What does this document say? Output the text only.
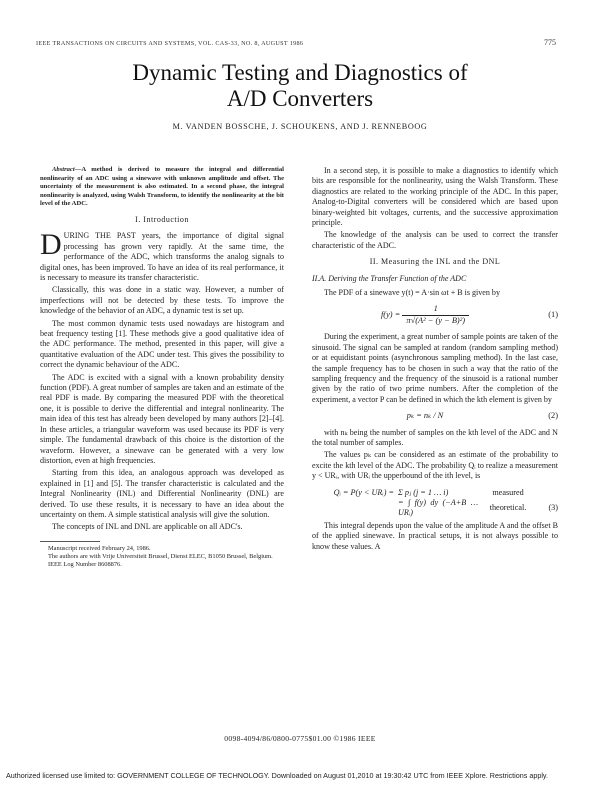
IEEE TRANSACTIONS ON CIRCUITS AND SYSTEMS, VOL. CAS-33, NO. 8, AUGUST 1986	775
Dynamic Testing and Diagnostics of
A/D Converters
M. VANDEN BOSSCHE, J. SCHOUKENS, AND J. RENNEBOOG

Abstract—A method is derived to measure the integral and differential nonlinearity of an ADC using a sinewave with unknown amplitude and offset. The uncertainty of the measurement is also estimated. In a second phase, the integral nonlinearity is analyzed, using Walsh Transform, to identify the nonlinearity at the bit level of the ADC.

I. Introduction

DURING THE PAST years, the importance of digital signal processing has grown very rapidly. At the same time, the performance of the ADC, which transforms the analog signals to digital ones, has been improved. To have an idea of its real performance, it is necessary to measure its transfer characteristic.

Classically, this was done in a static way. However, a number of imperfections will not be detected by these tests. To improve the knowledge of the behavior of an ADC, a dynamic test is set up.

The most common dynamic tests used nowadays are histogram and beat frequency testing [1]. These methods give a good qualitative idea of the ADC performance. The method, presented in this paper, will give a quantitative evaluation of the ADC under test. This gives the possibility to correct the dynamic behaviour of the ADC.

The ADC is excited with a signal with a known probability density function (PDF). A great number of samples are taken and an estimate of the real PDF is made. By comparing the measured PDF with the theoretical one, it is possible to derive the differential and integral nonlinearity. The main idea of this test has already been developed by many authors [2]–[4]. In these articles, a triangular waveform was used because its PDF is very simple. The fundamental drawback of this choice is the distortion of the waveform. However, a sinewave can be generated with a very low distortion, even at high frequencies.

Starting from this idea, an analogous approach was developed as explained in [1] and [5]. The transfer characteristic is calculated and the Integral Nonlinearity (INL) and Differential Nonlinearity (DNL) are derived. To use these results, it is necessary to have an idea about the uncertainty on them. A simple statistical analysis will give the solution.

The concepts of INL and DNL are applicable on all ADC's.

Manuscript received February 24, 1986.
The authors are with Vrije Universiteit Brussel, Dienst ELEC, B1050 Brussel, Belgium.
IEEE Log Number 8608876.

In a second step, it is possible to make a diagnostics to identify which bits are responsible for the nonlinearity, using the Walsh Transform. These diagnostics are related to the working principle of the ADC. In this paper, Analog-to-Digital converters will be considered which are based upon binary-weighted bit voltages, currents, and the successive approximation principle.

The knowledge of the analysis can be used to correct the transfer characteristic of the ADC.

II. Measuring the INL and the DNL
II.A. Deriving the Transfer Function of the ADC

The PDF of a sinewave y(t) = A·sin ωt + B is given by

$f(y) = \frac{1}{\text{π√(A² − (y − B)²)}}$	(1)

During the experiment, a great number of sample points are taken of the sinusoid. The signal can be sampled at random (random sampling method) or at equidistant points (asynchronous sampling method). In the last case, the sample frequency has to be chosen in such a way that the ratio of the sampling frequency and the frequency of the sinusoid is a rational number given by the ratio of two prime numbers. After the completion of the experiment, a vector P can be defined in which the kth element is given by

pₖ = nₖ / N	(2)

with nₖ being the number of samples on the kth level of the ADC and N the total number of samples.

The values pₖ can be considered as an estimate of the probability to excite the kth level of the ADC. The probability Qᵢ to realize a measurement y < URᵢ, with URᵢ the upperbound of the ith level, is

Qᵢ = P(y < URᵢ) = Σ pⱼ (j = 1 … i)	measured
= ∫ f(y) dy (−A+B … URᵢ)
theoretical.	(3)

This integral depends upon the value of the amplitude A and the offset B of the applied sinewave. In practical setups, it is not always possible to know these values. A

0098-4094/86/0800-0775$01.00 ©1986 IEEE
Authorized licensed use limited to: GOVERNMENT COLLEGE OF TECHNOLOGY. Downloaded on August 01,2010 at 19:30:42 UTC from IEEE Xplore. Restrictions apply.
